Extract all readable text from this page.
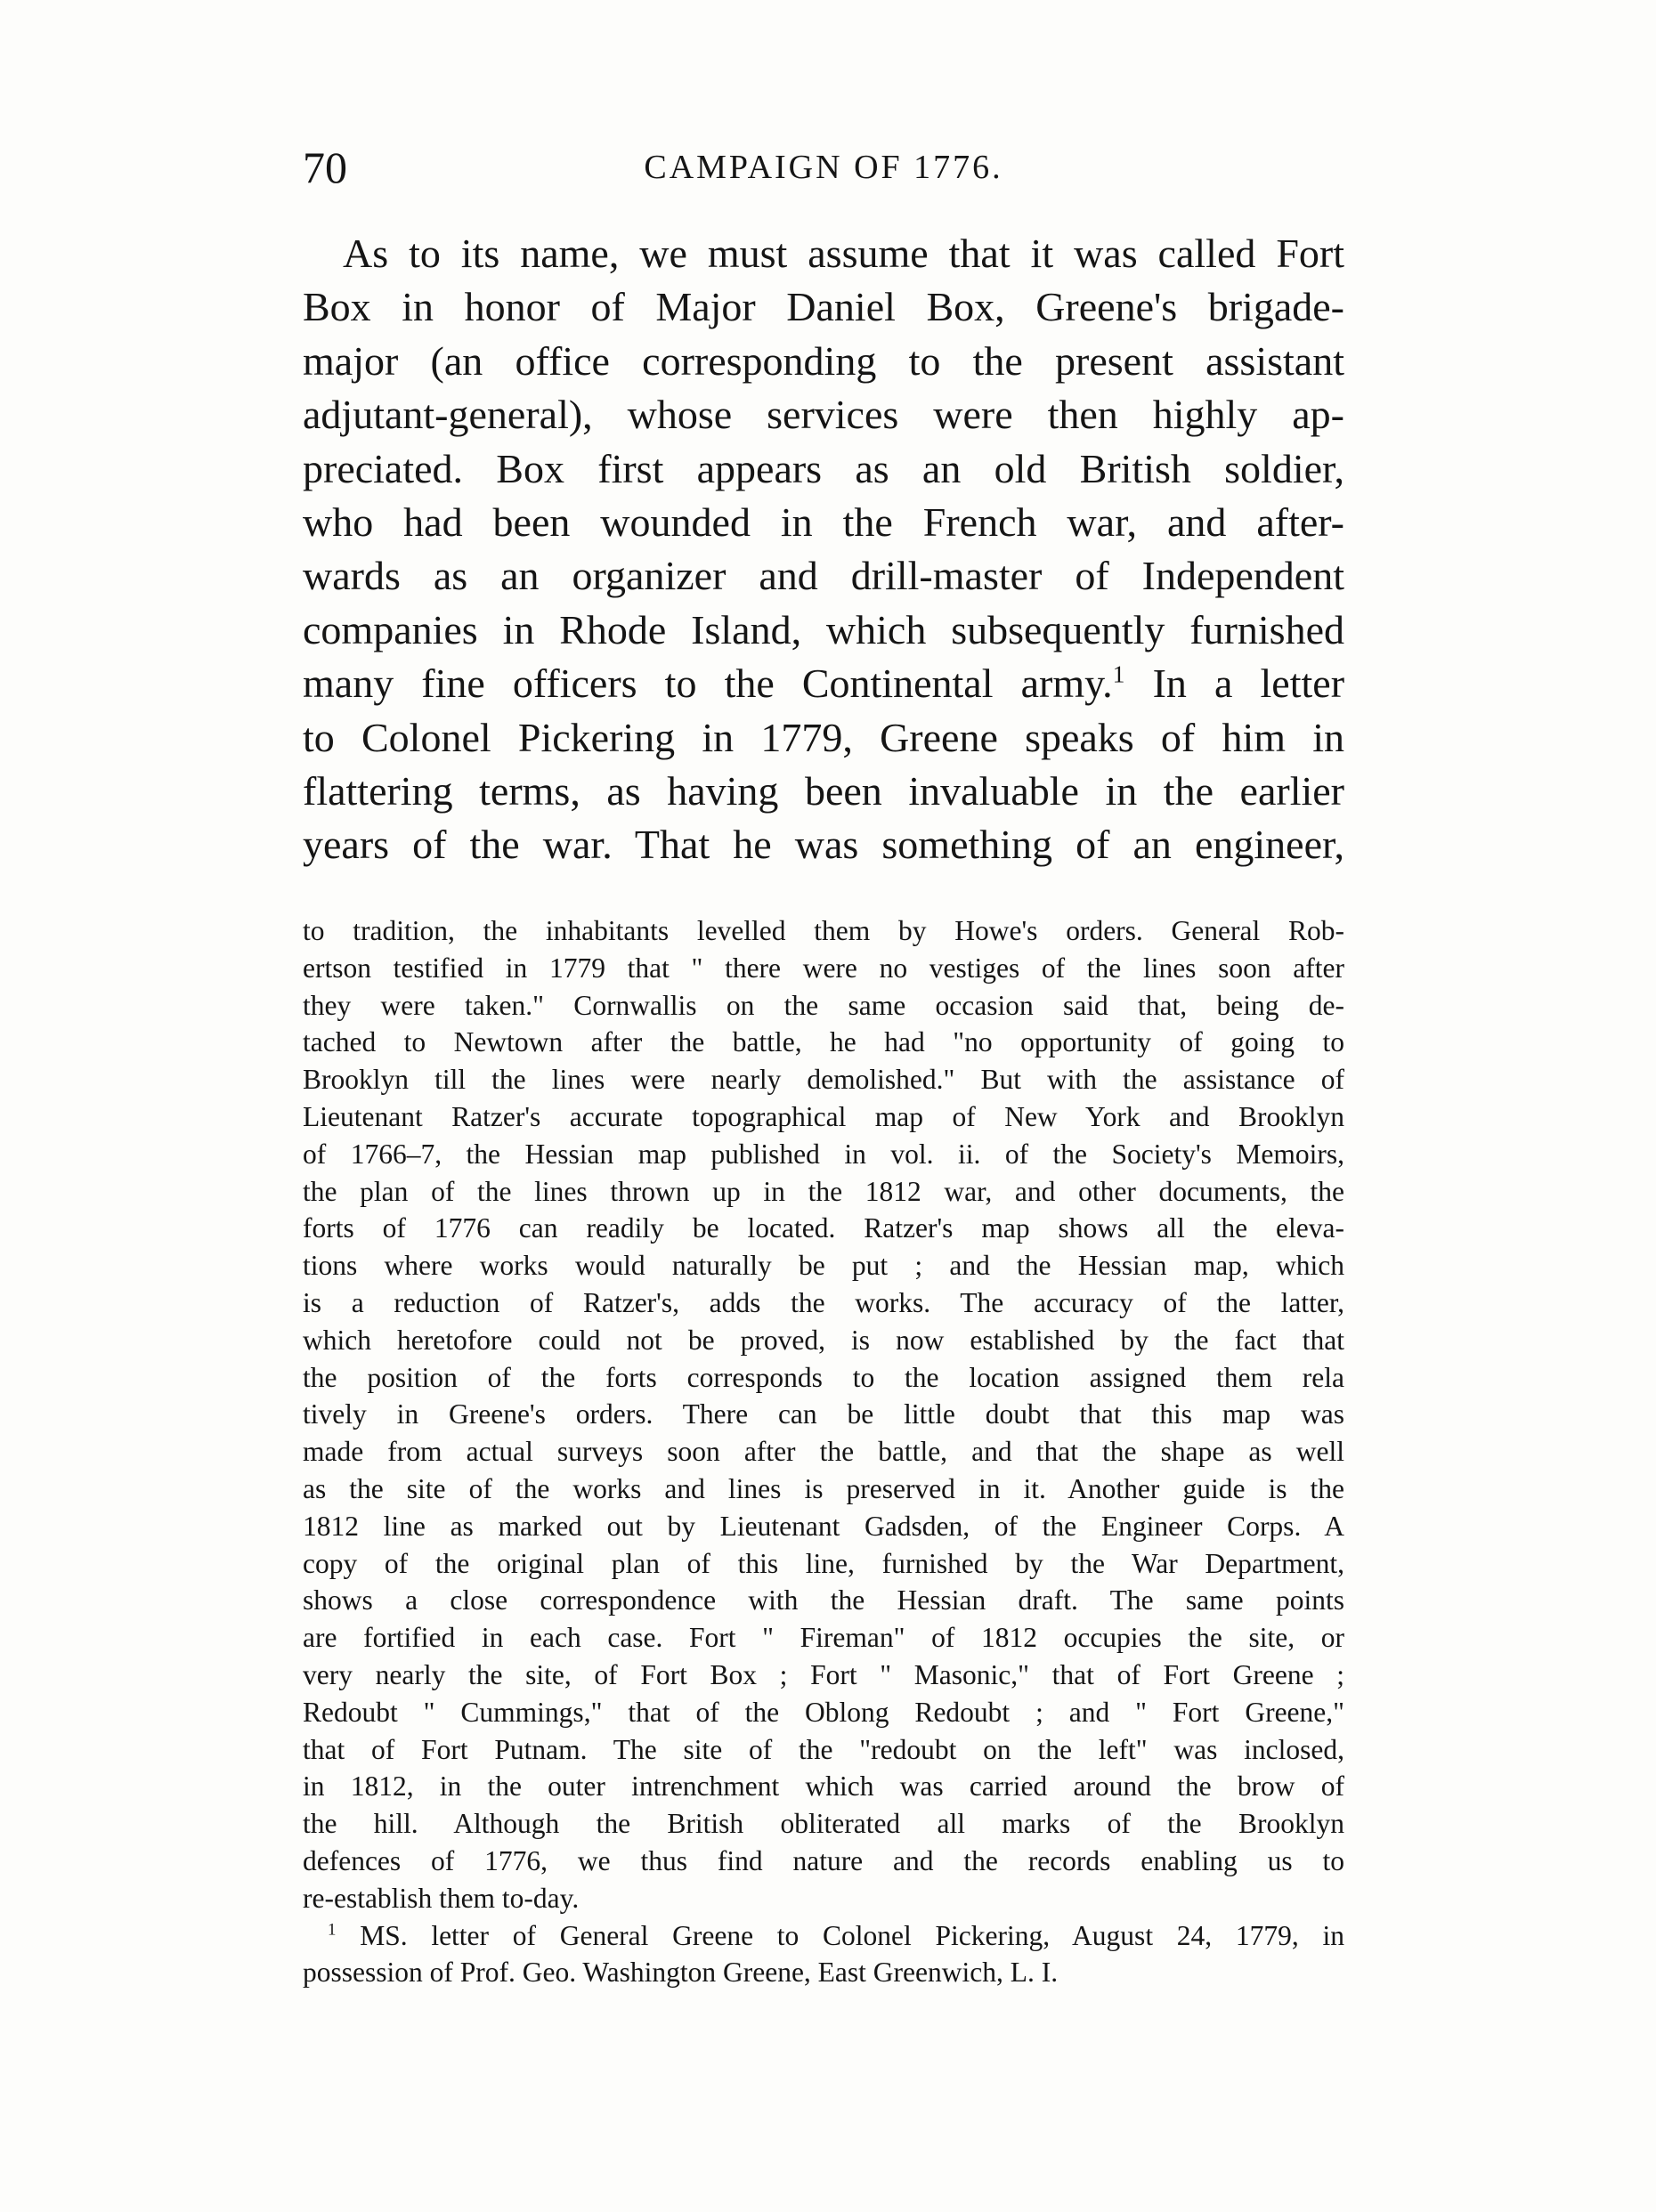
70	CAMPAIGN OF 1776.
As to its name, we must assume that it was called Fort
Box in honor of Major Daniel Box, Greene's brigade-
major (an office corresponding to the present assistant
adjutant-general), whose services were then highly ap-
preciated. Box first appears as an old British soldier,
who had been wounded in the French war, and after-
wards as an organizer and drill-master of Independent
companies in Rhode Island, which subsequently furnished
many fine officers to the Continental army.$^1$ In a letter
to Colonel Pickering in 1779, Greene speaks of him in
flattering terms, as having been invaluable in the earlier
years of the war. That he was something of an engineer,
to tradition, the inhabitants levelled them by Howe's orders. General Rob-
ertson testified in 1779 that " there were no vestiges of the lines soon after
they were taken." Cornwallis on the same occasion said that, being de-
tached to Newtown after the battle, he had "no opportunity of going to
Brooklyn till the lines were nearly demolished." But with the assistance of
Lieutenant Ratzer's accurate topographical map of New York and Brooklyn
of 1766–7, the Hessian map published in vol. ii. of the Society's Memoirs,
the plan of the lines thrown up in the 1812 war, and other documents, the
forts of 1776 can readily be located. Ratzer's map shows all the eleva-
tions where works would naturally be put ; and the Hessian map, which
is a reduction of Ratzer's, adds the works. The accuracy of the latter,
which heretofore could not be proved, is now established by the fact that
the position of the forts corresponds to the location assigned them rela
tively in Greene's orders. There can be little doubt that this map was
made from actual surveys soon after the battle, and that the shape as well
as the site of the works and lines is preserved in it. Another guide is the
1812 line as marked out by Lieutenant Gadsden, of the Engineer Corps. A
copy of the original plan of this line, furnished by the War Department,
shows a close correspondence with the Hessian draft. The same points
are fortified in each case. Fort " Fireman" of 1812 occupies the site, or
very nearly the site, of Fort Box ; Fort " Masonic," that of Fort Greene ;
Redoubt " Cummings," that of the Oblong Redoubt ; and " Fort Greene,"
that of Fort Putnam. The site of the "redoubt on the left" was inclosed,
in 1812, in the outer intrenchment which was carried around the brow of
the hill. Although the British obliterated all marks of the Brooklyn
defences of 1776, we thus find nature and the records enabling us to
re-establish them to-day.
$^1$ MS. letter of General Greene to Colonel Pickering, August 24, 1779, in
possession of Prof. Geo. Washington Greene, East Greenwich, L. I.
